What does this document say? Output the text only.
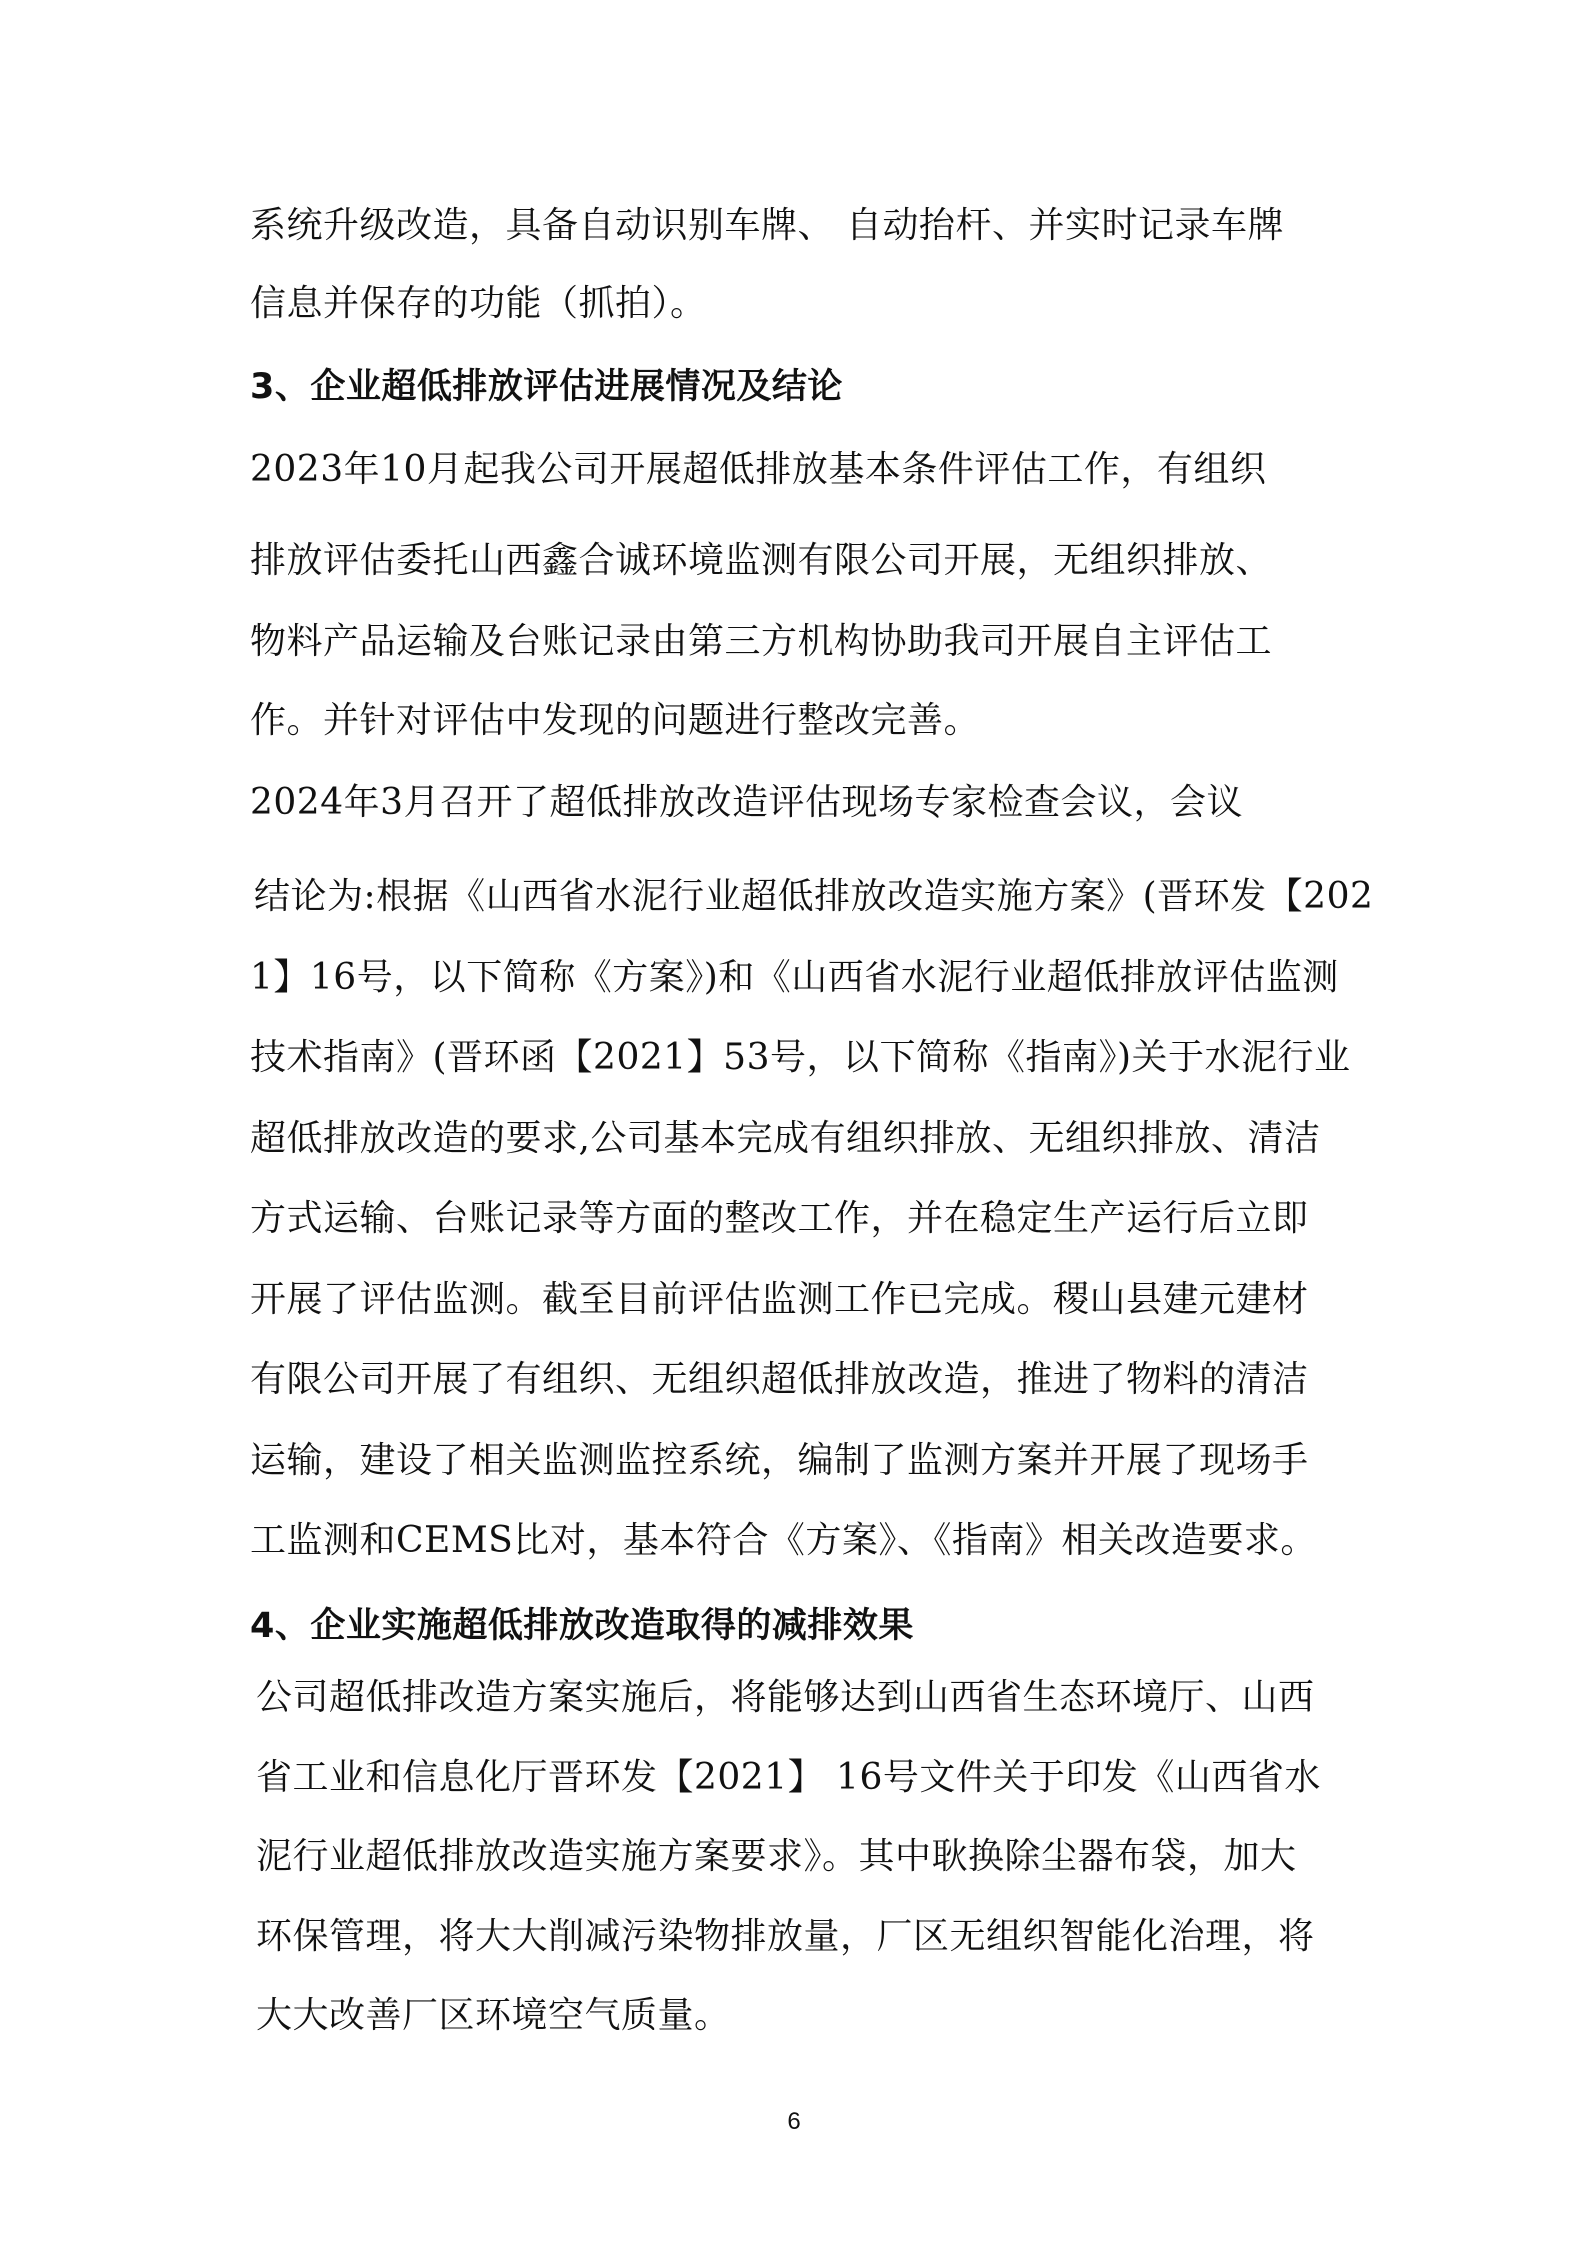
系统升级改造，具备自动识别车牌、 自动抬杆、并实时记录车牌
信息并保存的功能（抓拍）。
3、企业超低排放评估进展情况及结论
2023年10月起我公司开展超低排放基本条件评估工作，有组织
排放评估委托山西鑫合诚环境监测有限公司开展，无组织排放、
物料产品运输及台账记录由第三方机构协助我司开展自主评估工
作。并针对评估中发现的问题进行整改完善。
2024年3月召开了超低排放改造评估现场专家检查会议，会议
结论为:根据《山西省水泥行业超低排放改造实施方案》(晋环发【202
1】16号，以下简称《方案》)和《山西省水泥行业超低排放评估监测
技术指南》(晋环函【2021】53号，以下简称《指南》)关于水泥行业
超低排放改造的要求,公司基本完成有组织排放、无组织排放、清洁
方式运输、台账记录等方面的整改工作，并在稳定生产运行后立即
开展了评估监测。截至目前评估监测工作已完成。稷山县建元建材
有限公司开展了有组织、无组织超低排放改造，推进了物料的清洁
运输，建设了相关监测监控系统，编制了监测方案并开展了现场手
工监测和CEMS比对，基本符合《方案》、《指南》相关改造要求。
4、企业实施超低排放改造取得的减排效果
公司超低排改造方案实施后，将能够达到山西省生态环境厅、山西
省工业和信息化厅晋环发【2021】 16号文件关于印发《山西省水
泥行业超低排放改造实施方案要求》。其中耿换除尘器布袋，加大
环保管理，将大大削减污染物排放量，厂区无组织智能化治理，将
大大改善厂区环境空气质量。
6
